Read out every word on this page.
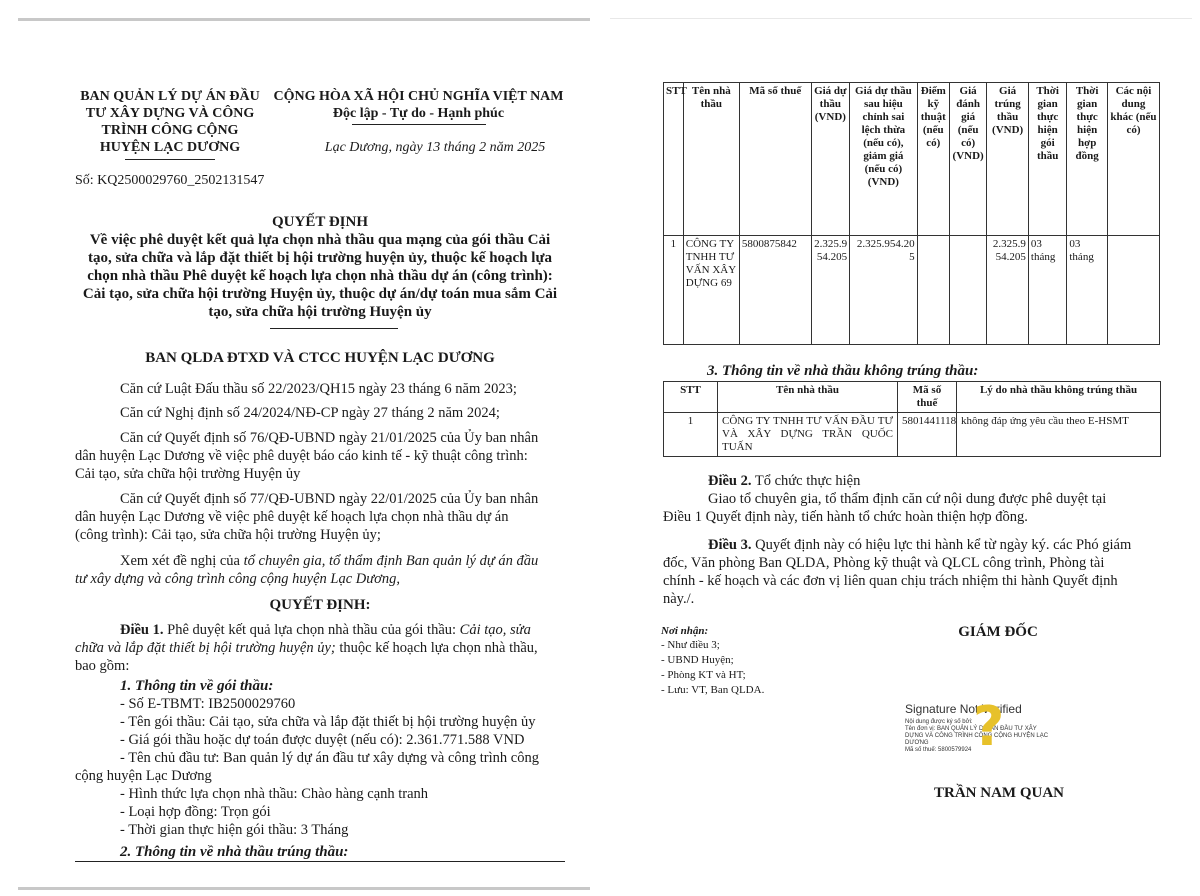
BAN QUẢN LÝ DỰ ÁN ĐẦU
TƯ XÂY DỰNG VÀ CÔNG
TRÌNH CÔNG CỘNG
HUYỆN LẠC DƯƠNG
CỘNG HÒA XÃ HỘI CHỦ NGHĨA VIỆT NAM
Độc lập - Tự do - Hạnh phúc
Lạc Dương, ngày 13 tháng 2 năm 2025
Số: KQ2500029760_2502131547
QUYẾT ĐỊNH
Về việc phê duyệt kết quả lựa chọn nhà thầu qua mạng của gói thầu Cải
tạo, sửa chữa và lắp đặt thiết bị hội trường huyện ủy, thuộc kế hoạch lựa
chọn nhà thầu Phê duyệt kế hoạch lựa chọn nhà thầu dự án (công trình):
Cải tạo, sửa chữa hội trường Huyện ủy, thuộc dự án/dự toán mua sắm Cải
tạo, sửa chữa hội trường Huyện ủy
BAN QLDA ĐTXD VÀ CTCC HUYỆN LẠC DƯƠNG
Căn cứ Luật Đấu thầu số 22/2023/QH15 ngày 23 tháng 6 năm 2023;
Căn cứ Nghị định số 24/2024/NĐ-CP ngày 27 tháng 2 năm 2024;
Căn cứ Quyết định số 76/QĐ-UBND ngày 21/01/2025 của Ủy ban nhân
dân huyện Lạc Dương về việc phê duyệt báo cáo kinh tế - kỹ thuật công trình:
Cải tạo, sửa chữa hội trường Huyện ủy
Căn cứ Quyết định số 77/QĐ-UBND ngày 22/01/2025 của Ủy ban nhân
dân huyện Lạc Dương về việc phê duyệt kế hoạch lựa chọn nhà thầu dự án
(công trình): Cải tạo, sửa chữa hội trường Huyện ủy;
Xem xét đề nghị của tổ chuyên gia, tổ thẩm định Ban quản lý dự án đầu
tư xây dựng và công trình công cộng huyện Lạc Dương,
QUYẾT ĐỊNH:
Điều 1. Phê duyệt kết quả lựa chọn nhà thầu của gói thầu: Cải tạo, sửa
chữa và lắp đặt thiết bị hội trường huyện ủy; thuộc kế hoạch lựa chọn nhà thầu,
bao gồm:
1. Thông tin về gói thầu:
- Số E-TBMT: IB2500029760
- Tên gói thầu: Cải tạo, sửa chữa và lắp đặt thiết bị hội trường huyện ủy
- Giá gói thầu hoặc dự toán được duyệt (nếu có): 2.361.771.588 VND
- Tên chủ đầu tư: Ban quản lý dự án đầu tư xây dựng và công trình công
cộng huyện Lạc Dương
- Hình thức lựa chọn nhà thầu: Chào hàng cạnh tranh
- Loại hợp đồng: Trọn gói
- Thời gian thực hiện gói thầu: 3 Tháng
2. Thông tin về nhà thầu trúng thầu:
STT	Tên nhà thầu	Mã số thuế	Giá dự thầu (VND)	Giá dự thầu sau hiệu chỉnh sai lệch thừa (nếu có), giảm giá (nếu có) (VND)	Điểm kỹ thuật (nếu có)	Giá đánh giá (nếu có) (VND)	Giá trúng thầu (VND)	Thời gian thực hiện gói thầu	Thời gian thực hiện hợp đồng	Các nội dung khác (nếu có)
1	CÔNG TY TNHH TƯ VẤN XÂY DỰNG 69	5800875842	2.325.954.205	2.325.954.205			2.325.954.205	03 tháng	03 tháng	
3. Thông tin về nhà thầu không trúng thầu:
STT	Tên nhà thầu	Mã số thuế	Lý do nhà thầu không trúng thầu
1	CÔNG TY TNHH TƯ VẤN ĐẦU TƯ VÀ XÂY DỰNG TRẦN QUỐC TUẤN	5801441118	không đáp ứng yêu cầu theo E-HSMT
Điều 2. Tổ chức thực hiện
Giao tổ chuyên gia, tổ thẩm định căn cứ nội dung được phê duyệt tại
Điều 1 Quyết định này, tiến hành tổ chức hoàn thiện hợp đồng.
Điều 3. Quyết định này có hiệu lực thi hành kể từ ngày ký. các Phó giám
đốc, Văn phòng Ban QLDA, Phòng kỹ thuật và QLCL công trình, Phòng tài
chính - kế hoạch và các đơn vị liên quan chịu trách nhiệm thi hành Quyết định
này./.
Nơi nhận:
- Như điều 3;
- UBND Huyện;
- Phòng KT và HT;
- Lưu: VT, Ban QLDA.
GIÁM ĐỐC
Signature Not Verified
Nội dung được ký số bởi:
Tên đơn vị: BAN QUẢN LÝ DỰ ÁN ĐẦU TƯ XÂY
DỰNG VÀ CÔNG TRÌNH CÔNG CỘNG HUYỆN LẠC
DƯƠNG
Mã số thuế: 5800579924 ?
TRẦN NAM QUAN
